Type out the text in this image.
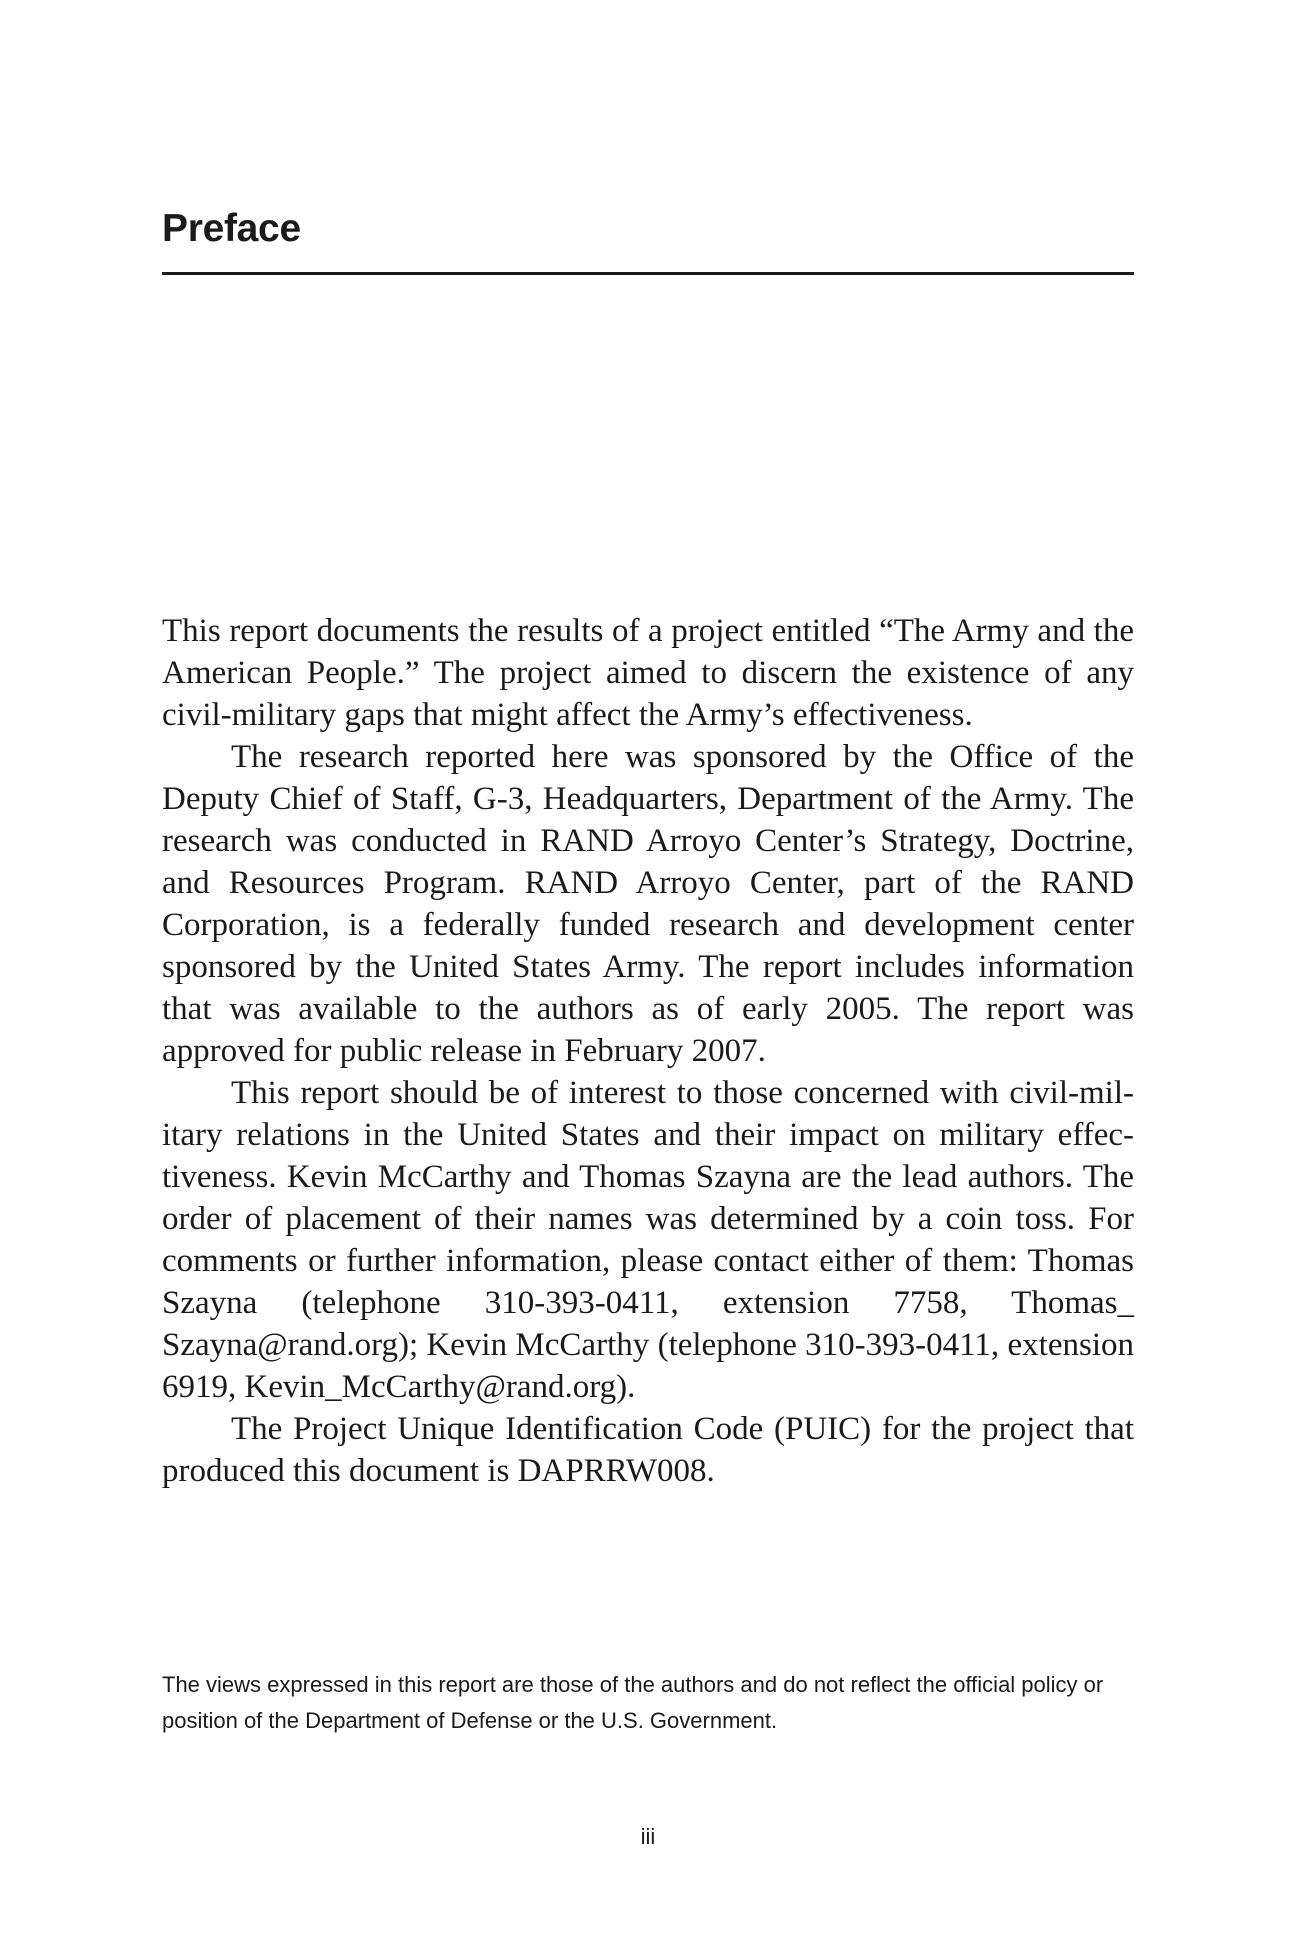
Preface

This report documents the results of a project entitled “The Army and the American People.” The project aimed to discern the existence of any civil-military gaps that might affect the Army’s effectiveness.

The research reported here was sponsored by the Office of the Deputy Chief of Staff, G-3, Headquarters, Department of the Army. The research was conducted in RAND Arroyo Center’s Strategy, Doctrine, and Resources Program. RAND Arroyo Center, part of the RAND Corporation, is a federally funded research and development center sponsored by the United States Army. The report includes information that was available to the authors as of early 2005. The report was approved for public release in February 2007.

This report should be of interest to those concerned with civil-military relations in the United States and their impact on military effectiveness. Kevin McCarthy and Thomas Szayna are the lead authors. The order of placement of their names was determined by a coin toss. For comments or further information, please contact either of them: Thomas Szayna (telephone 310-393-0411, extension 7758, Thomas_​Szayna@rand.org); Kevin McCarthy (telephone 310-393-0411, extension 6919, Kevin_McCarthy@rand.org).

The Project Unique Identification Code (PUIC) for the project that produced this document is DAPRRW008.

The views expressed in this report are those of the authors and do not reflect the official policy or position of the Department of Defense or the U.S. Government.

iii
